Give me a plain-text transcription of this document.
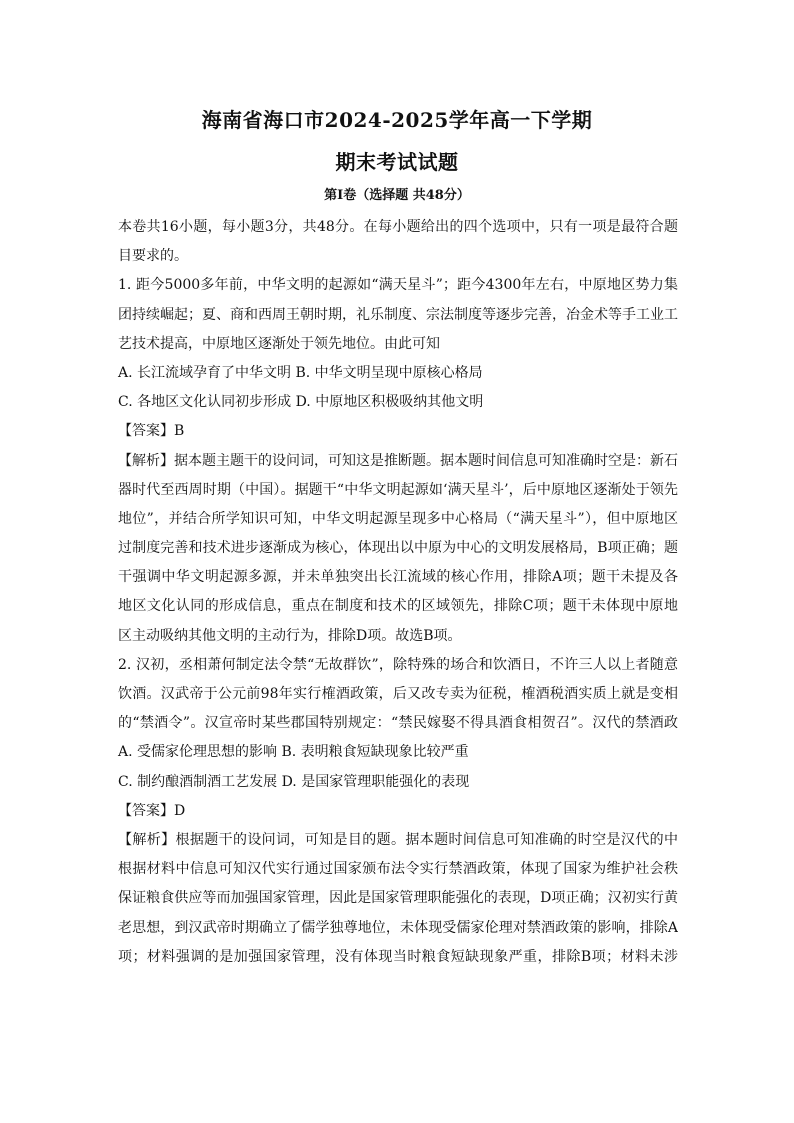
海南省海口市2024-2025学年高一下学期
期末考试试题
第Ⅰ卷（选择题 共48分）
本卷共16小题，每小题3分，共48分。在每小题给出的四个选项中，只有一项是最符合题
目要求的。
1. 距今5000多年前，中华文明的起源如“满天星斗”；距今4300年左右，中原地区势力集
团持续崛起；夏、商和西周王朝时期，礼乐制度、宗法制度等逐步完善，冶金术等手工业工
艺技术提高，中原地区逐渐处于领先地位。由此可知
A. 长江流域孕育了中华文明 B. 中华文明呈现中原核心格局
C. 各地区文化认同初步形成 D. 中原地区积极吸纳其他文明
【答案】B
【解析】据本题主题干的设问词，可知这是推断题。据本题时间信息可知准确时空是：新石
器时代至西周时期（中国）。据题干“中华文明起源如‘满天星斗’，后中原地区逐渐处于领先
地位”，并结合所学知识可知，中华文明起源呈现多中心格局（“满天星斗”），但中原地区
过制度完善和技术进步逐渐成为核心，体现出以中原为中心的文明发展格局，B项正确；题
干强调中华文明起源多源，并未单独突出长江流域的核心作用，排除A项；题干未提及各
地区文化认同的形成信息，重点在制度和技术的区域领先，排除C项；题干未体现中原地
区主动吸纳其他文明的主动行为，排除D项。故选B项。
2. 汉初，丞相萧何制定法令禁“无故群饮”，除特殊的场合和饮酒日，不许三人以上者随意
饮酒。汉武帝于公元前98年实行榷酒政策，后又改专卖为征税，榷酒税酒实质上就是变相
的“禁酒令”。汉宣帝时某些郡国特别规定：“禁民嫁娶不得具酒食相贺召”。汉代的禁酒政
A. 受儒家伦理思想的影响 B. 表明粮食短缺现象比较严重
C. 制约酿酒制酒工艺发展 D. 是国家管理职能强化的表现
【答案】D
【解析】根据题干的设问词，可知是目的题。据本题时间信息可知准确的时空是汉代的中
根据材料中信息可知汉代实行通过国家颁布法令实行禁酒政策，体现了国家为维护社会秩
保证粮食供应等而加强国家管理，因此是国家管理职能强化的表现，D项正确；汉初实行黄
老思想，到汉武帝时期确立了儒学独尊地位，未体现受儒家伦理对禁酒政策的影响，排除A
项；材料强调的是加强国家管理，没有体现当时粮食短缺现象严重，排除B项；材料未涉
